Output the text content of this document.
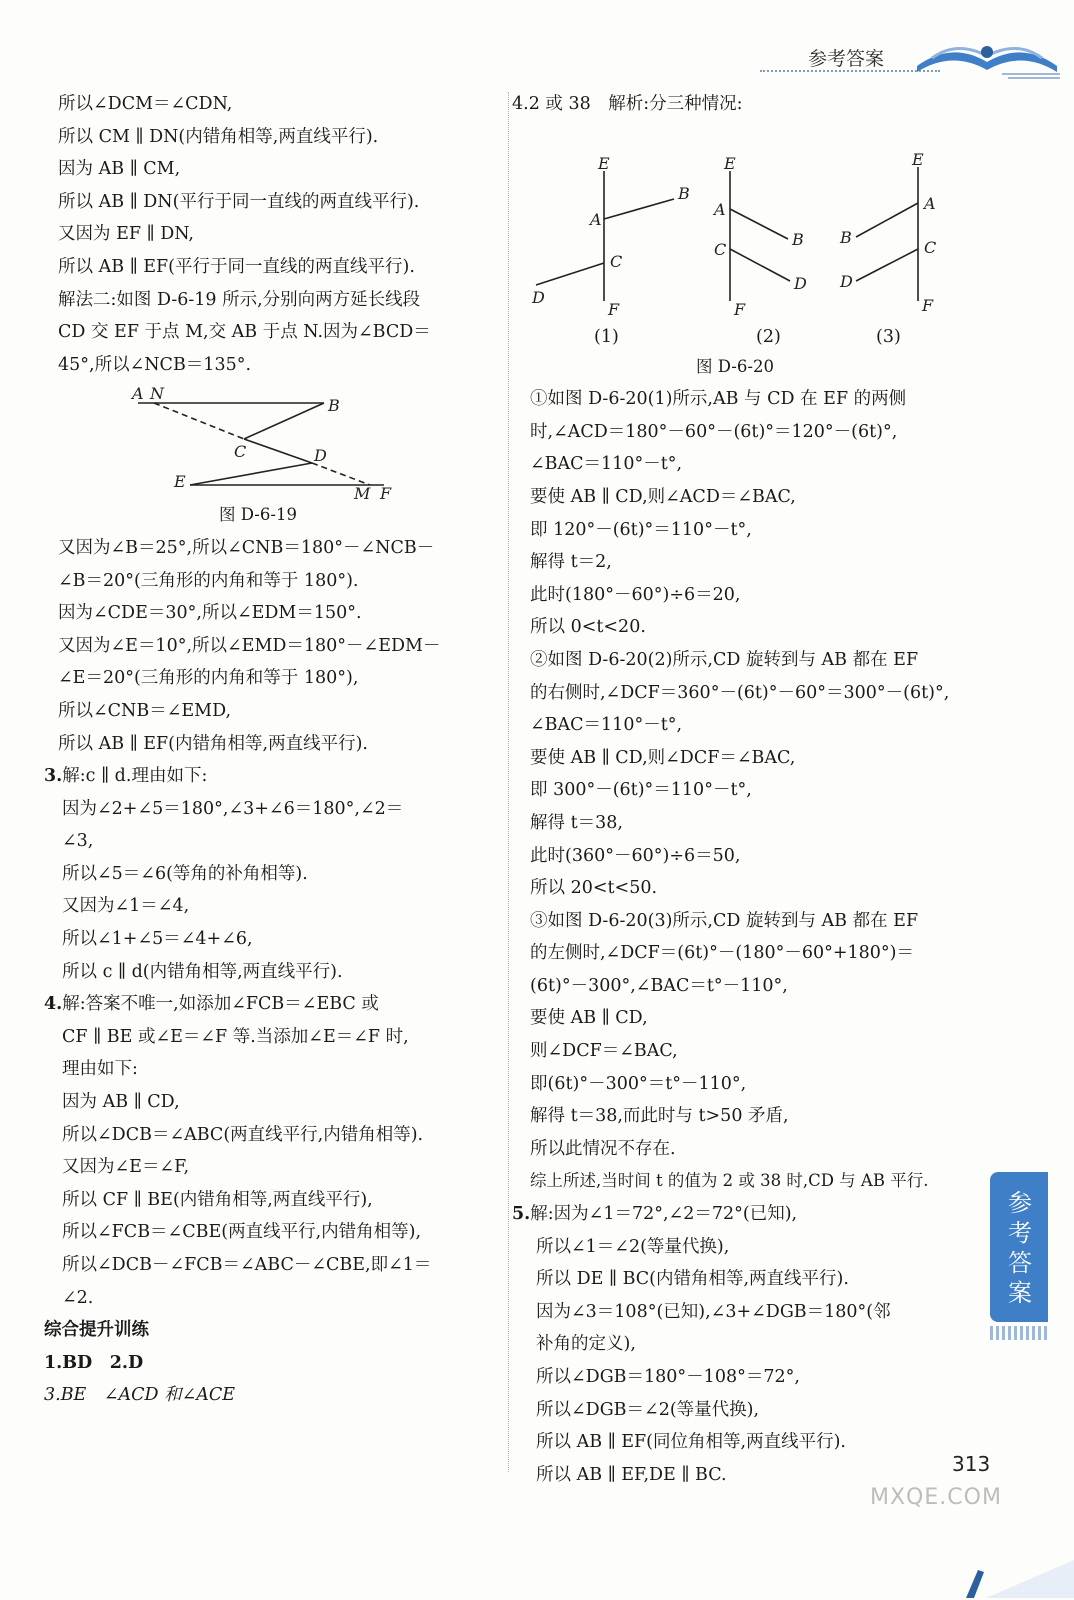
参考答案
所以∠DCM＝∠CDN,
所以 CM ∥ DN(内错角相等,两直线平行).
因为 AB ∥ CM,
所以 AB ∥ DN(平行于同一直线的两直线平行).
又因为 EF ∥ DN,
所以 AB ∥ EF(平行于同一直线的两直线平行).
解法二:如图 D-6-19 所示,分别向两方延长线段
CD 交 EF 于点 M,交 AB 于点 N.因为∠BCD＝
45°,所以∠NCB＝135°.
A N
B
C	D
E
M F
图 D-6-19
又因为∠B＝25°,所以∠CNB＝180°－∠NCB－
∠B＝20°(三角形的内角和等于 180°).
因为∠CDE＝30°,所以∠EDM＝150°.
又因为∠E＝10°,所以∠EMD＝180°－∠EDM－
∠E＝20°(三角形的内角和等于 180°),
所以∠CNB＝∠EMD,
所以 AB ∥ EF(内错角相等,两直线平行).
3.解:c ∥ d.理由如下:
因为∠2+∠5＝180°,∠3+∠6＝180°,∠2＝
∠3,
所以∠5＝∠6(等角的补角相等).
又因为∠1＝∠4,
所以∠1+∠5＝∠4+∠6,
所以 c ∥ d(内错角相等,两直线平行).
4.解:答案不唯一,如添加∠FCB＝∠EBC 或
CF ∥ BE 或∠E＝∠F 等.当添加∠E＝∠F 时,
理由如下:
因为 AB ∥ CD,
所以∠DCB＝∠ABC(两直线平行,内错角相等).
又因为∠E＝∠F,
所以 CF ∥ BE(内错角相等,两直线平行),
所以∠FCB＝∠CBE(两直线平行,内错角相等),
所以∠DCB－∠FCB＝∠ABC－∠CBE,即∠1＝
∠2.
综合提升训练
1.BD　2.D
3.BE　∠ACD 和∠ACE
4.2 或 38　解析:分三种情况:
E
A
B
C
D
F
E
A
B
C
D
F
E
A
B
C
D
F
(1)	(2)	(3)
图 D-6-20
①如图 D-6-20(1)所示,AB 与 CD 在 EF 的两侧
时,∠ACD＝180°－60°－(6t)°＝120°－(6t)°,
∠BAC＝110°－t°,
要使 AB ∥ CD,则∠ACD＝∠BAC,
即 120°－(6t)°＝110°－t°,
解得 t＝2,
此时(180°－60°)÷6＝20,
所以 0<t<20.
②如图 D-6-20(2)所示,CD 旋转到与 AB 都在 EF
的右侧时,∠DCF＝360°－(6t)°－60°＝300°－(6t)°,
∠BAC＝110°－t°,
要使 AB ∥ CD,则∠DCF＝∠BAC,
即 300°－(6t)°＝110°－t°,
解得 t＝38,
此时(360°－60°)÷6＝50,
所以 20<t<50.
③如图 D-6-20(3)所示,CD 旋转到与 AB 都在 EF
的左侧时,∠DCF＝(6t)°－(180°－60°+180°)＝
(6t)°－300°,∠BAC＝t°－110°,
要使 AB ∥ CD,
则∠DCF＝∠BAC,
即(6t)°－300°＝t°－110°,
解得 t＝38,而此时与 t>50 矛盾,
所以此情况不存在.
综上所述,当时间 t 的值为 2 或 38 时,CD 与 AB 平行.
5.解:因为∠1＝72°,∠2＝72°(已知),
所以∠1＝∠2(等量代换),
所以 DE ∥ BC(内错角相等,两直线平行).
因为∠3＝108°(已知),∠3+∠DGB＝180°(邻
补角的定义),
所以∠DGB＝180°－108°＝72°,
所以∠DGB＝∠2(等量代换),
所以 AB ∥ EF(同位角相等,两直线平行).
所以 AB ∥ EF,DE ∥ BC.
参考答案
313
MXQE.COM
